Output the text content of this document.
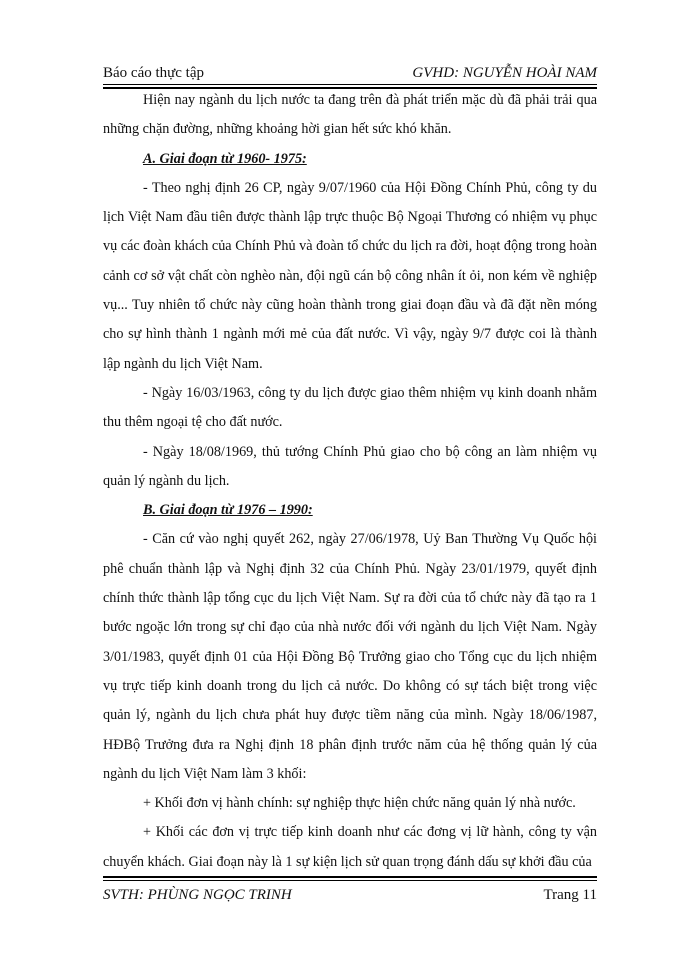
Báo cáo thực tập	GVHD: NGUYỄN HOÀI NAM

Hiện nay ngành du lịch nước ta đang trên đà phát triển mặc dù đã phải trải qua những chặn đường, những khoảng hời gian hết sức khó khăn.

A. Giai đoạn từ 1960- 1975:

- Theo nghị định 26 CP, ngày 9/07/1960 của Hội Đồng Chính Phủ, công ty du lịch Việt Nam đầu tiên được thành lập trực thuộc Bộ Ngoại Thương có nhiệm vụ phục vụ các đoàn khách của Chính Phủ và đoàn tổ chức du lịch ra đời, hoạt động trong hoàn cảnh cơ sở vật chất còn nghèo nàn, đội ngũ cán bộ công nhân ít ỏi, non kém về nghiệp vụ... Tuy nhiên tổ chức này cũng hoàn thành trong giai đoạn đầu và đã đặt nền móng cho sự hình thành 1 ngành mới mẻ của đất nước. Vì vậy, ngày 9/7 được coi là thành lập ngành du lịch Việt Nam.

- Ngày 16/03/1963, công ty du lịch được giao thêm nhiệm vụ kinh doanh nhằm thu thêm ngoại tệ cho đất nước.

- Ngày 18/08/1969, thủ tướng Chính Phủ giao cho bộ công an làm nhiệm vụ quản lý ngành du lịch.

B. Giai đoạn từ 1976 – 1990:

- Căn cứ vào nghị quyết 262, ngày 27/06/1978, Uỷ Ban Thường Vụ Quốc hội phê chuẩn thành lập và Nghị định 32 của Chính Phủ. Ngày 23/01/1979, quyết định chính thức thành lập tổng cục du lịch Việt Nam. Sự ra đời của tổ chức này đã tạo ra 1 bước ngoặc lớn trong sự chỉ đạo của nhà nước đối với ngành du lịch Việt Nam. Ngày 3/01/1983, quyết định 01 của Hội Đồng Bộ Trưởng giao cho Tổng cục du lịch nhiệm vụ trực tiếp kinh doanh trong du lịch cả nước. Do không có sự tách biệt trong việc quản lý, ngành du lịch chưa phát huy được tiềm năng của mình. Ngày 18/06/1987, HĐBộ Trưởng đưa ra Nghị định 18 phân định trước năm của hệ thống quản lý của ngành du lịch Việt Nam làm 3 khối:

+ Khối đơn vị hành chính: sự nghiệp thực hiện chức năng quản lý nhà nước.

+ Khối các đơn vị trực tiếp kinh doanh như các đơng vị lữ hành, công ty vận chuyển khách. Giai đoạn này là 1 sự kiện lịch sử quan trọng đánh dấu sự khởi đầu của

SVTH: PHÙNG NGỌC TRINH	Trang 11
